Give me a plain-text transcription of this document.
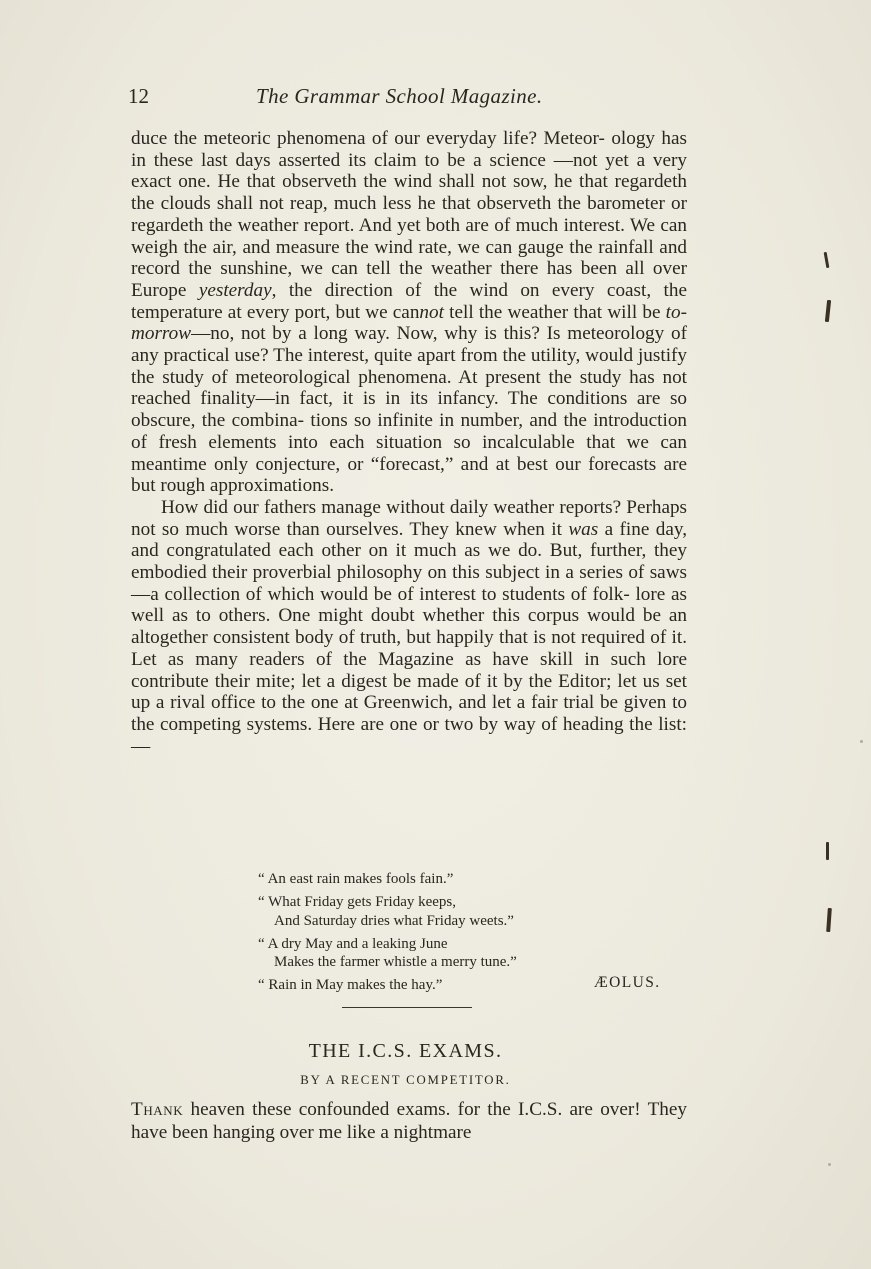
12	The Grammar School Magazine.

duce the meteoric phenomena of our everyday life? Meteor- ology has in these last days asserted its claim to be a science —not yet a very exact one. He that observeth the wind shall not sow, he that regardeth the clouds shall not reap, much less he that observeth the barometer or regardeth the weather report. And yet both are of much interest. We can weigh the air, and measure the wind rate, we can gauge the rainfall and record the sunshine, we can tell the weather there has been all over Europe yesterday, the direction of the wind on every coast, the temperature at every port, but we cannot tell the weather that will be to-morrow—no, not by a long way. Now, why is this? Is meteorology of any practical use? The interest, quite apart from the utility, would justify the study of meteorological phenomena. At present the study has not reached finality—in fact, it is in its infancy. The conditions are so obscure, the combina- tions so infinite in number, and the introduction of fresh elements into each situation so incalculable that we can meantime only conjecture, or “forecast,” and at best our forecasts are but rough approximations.

How did our fathers manage without daily weather reports? Perhaps not so much worse than ourselves. They knew when it was a fine day, and congratulated each other on it much as we do. But, further, they embodied their proverbial philosophy on this subject in a series of saws—a collection of which would be of interest to students of folk- lore as well as to others. One might doubt whether this corpus would be an altogether consistent body of truth, but happily that is not required of it. Let as many readers of the Magazine as have skill in such lore contribute their mite; let a digest be made of it by the Editor; let us set up a rival office to the one at Greenwich, and let a fair trial be given to the competing systems. Here are one or two by way of heading the list:—

“ An east rain makes fools fain.”
“ What Friday gets Friday keeps,
And Saturday dries what Friday weets.”
“ A dry May and a leaking June
Makes the farmer whistle a merry tune.”
“ Rain in May makes the hay.”	ÆOLUS.
THE I.C.S. EXAMS.
BY A RECENT COMPETITOR.
Thank heaven these confounded exams. for the I.C.S. are over! They have been hanging over me like a nightmare
